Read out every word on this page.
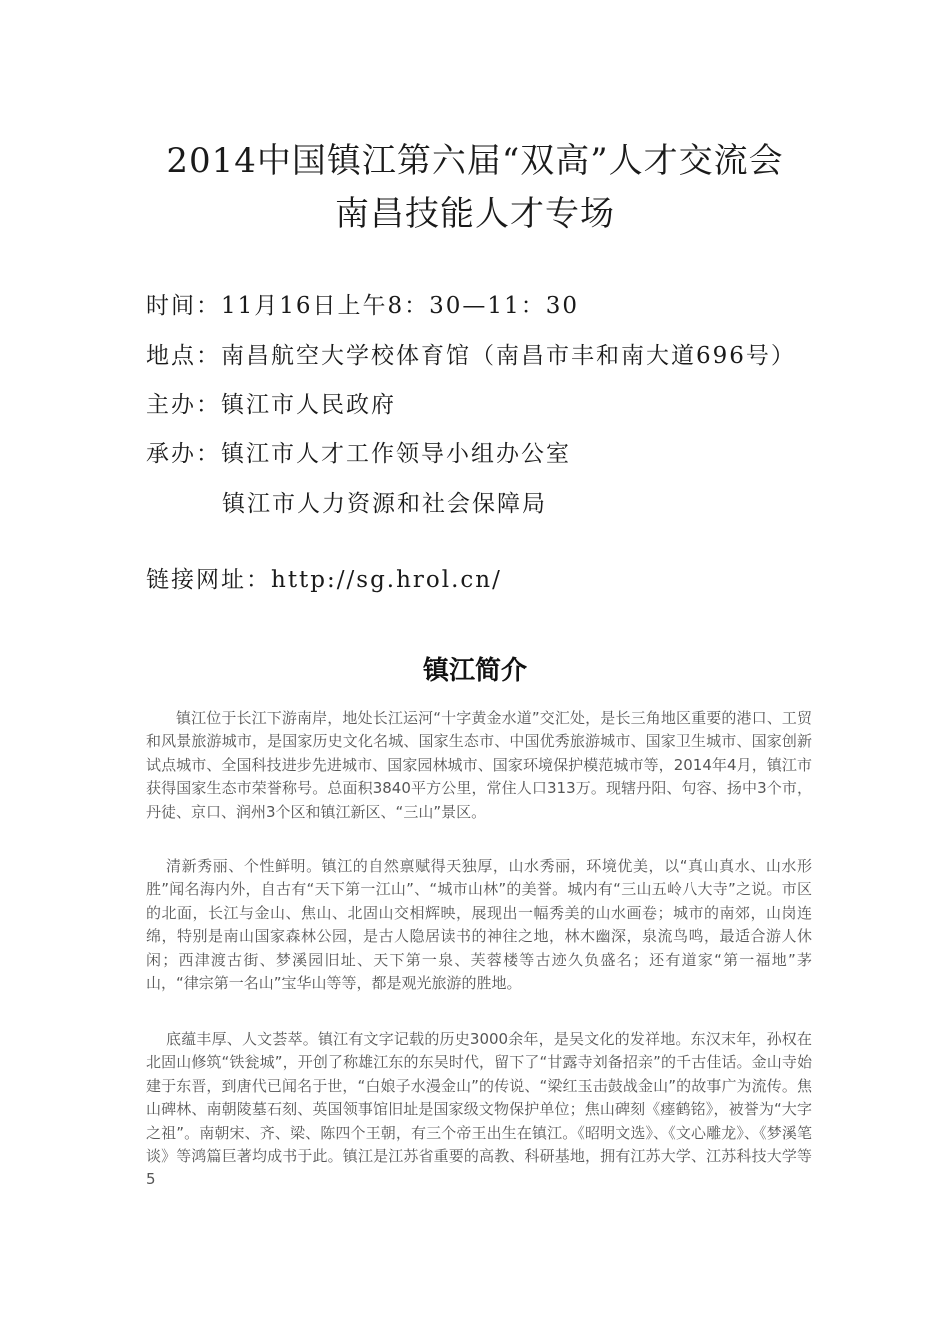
2014中国镇江第六届“双高”人才交流会
南昌技能人才专场
时间：11月16日上午8：30—11：30
地点：南昌航空大学校体育馆（南昌市丰和南大道696号）
主办：镇江市人民政府
承办：镇江市人才工作领导小组办公室
镇江市人力资源和社会保障局
链接网址：http://sg.hrol.cn/
镇江简介

镇江位于长江下游南岸，地处长江运河“十字黄金水道”交汇处，是长三角地区重要的港口、工贸和风景旅游城市，是国家历史文化名城、国家生态市、中国优秀旅游城市、国家卫生城市、国家创新试点城市、全国科技进步先进城市、国家园林城市、国家环境保护模范城市等，2014年4月，镇江市获得国家生态市荣誉称号。总面积3840平方公里，常住人口313万。现辖丹阳、句容、扬中3个市，丹徒、京口、润州3个区和镇江新区、“三山”景区。

清新秀丽、个性鲜明。镇江的自然禀赋得天独厚，山水秀丽，环境优美，以“真山真水、山水形胜”闻名海内外，自古有“天下第一江山”、“城市山林”的美誉。城内有“三山五岭八大寺”之说。市区的北面，长江与金山、焦山、北固山交相辉映，展现出一幅秀美的山水画卷；城市的南郊，山岗连绵，特别是南山国家森林公园，是古人隐居读书的神往之地，林木幽深，泉流鸟鸣，最适合游人休闲；西津渡古街、梦溪园旧址、天下第一泉、芙蓉楼等古迹久负盛名；还有道家“第一福地”茅山，“律宗第一名山”宝华山等等，都是观光旅游的胜地。

底蕴丰厚、人文荟萃。镇江有文字记载的历史3000余年，是吴文化的发祥地。东汉末年，孙权在北固山修筑“铁瓮城”，开创了称雄江东的东吴时代，留下了“甘露寺刘备招亲”的千古佳话。金山寺始建于东晋，到唐代已闻名于世，“白娘子水漫金山”的传说、“梁红玉击鼓战金山”的故事广为流传。焦山碑林、南朝陵墓石刻、英国领事馆旧址是国家级文物保护单位；焦山碑刻《瘗鹤铭》，被誉为“大字之祖”。南朝宋、齐、梁、陈四个王朝，有三个帝王出生在镇江。《昭明文选》、《文心雕龙》、《梦溪笔谈》等鸿篇巨著均成书于此。镇江是江苏省重要的高教、科研基地，拥有江苏大学、江苏科技大学等5
